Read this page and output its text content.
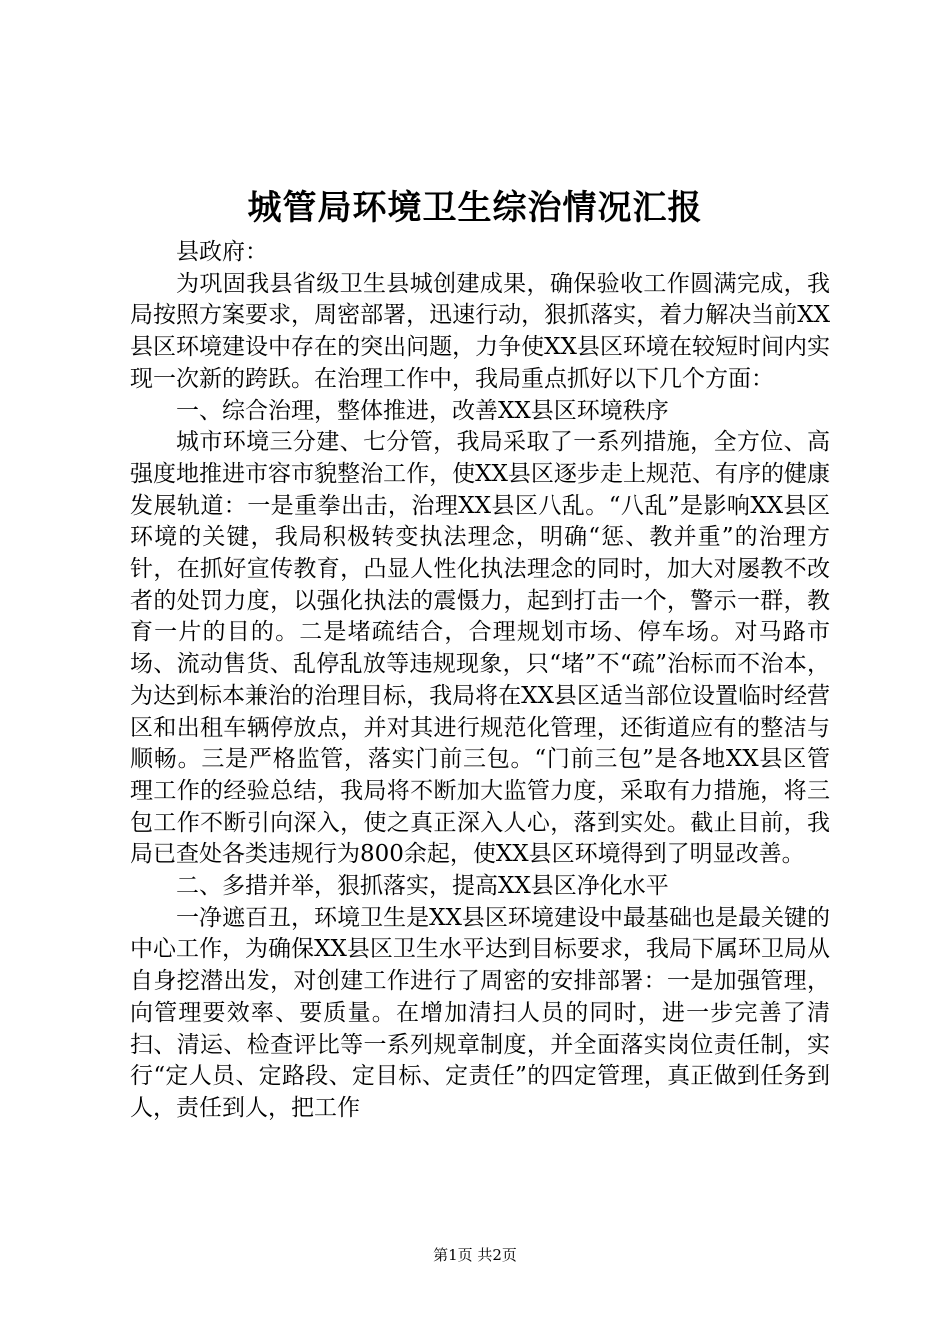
城管局环境卫生综治情况汇报

县政府：

为巩固我县省级卫生县城创建成果，确保验收工作圆满完成，我局按照方案要求，周密部署，迅速行动，狠抓落实，着力解决当前XX县区环境建设中存在的突出问题，力争使XX县区环境在较短时间内实现一次新的跨跃。在治理工作中，我局重点抓好以下几个方面：

一、综合治理，整体推进，改善XX县区环境秩序

城市环境三分建、七分管，我局采取了一系列措施，全方位、高强度地推进市容市貌整治工作，使XX县区逐步走上规范、有序的健康发展轨道：一是重拳出击，治理XX县区八乱。“八乱”是影响XX县区环境的关键，我局积极转变执法理念，明确“惩、教并重”的治理方针，在抓好宣传教育，凸显人性化执法理念的同时，加大对屡教不改者的处罚力度，以强化执法的震慑力，起到打击一个，警示一群，教育一片的目的。二是堵疏结合，合理规划市场、停车场。对马路市场、流动售货、乱停乱放等违规现象，只“堵”不“疏”治标而不治本，为达到标本兼治的治理目标，我局将在XX县区适当部位设置临时经营区和出租车辆停放点，并对其进行规范化管理，还街道应有的整洁与顺畅。三是严格监管，落实门前三包。“门前三包”是各地XX县区管理工作的经验总结，我局将不断加大监管力度，采取有力措施，将三包工作不断引向深入，使之真正深入人心，落到实处。截止目前，我局已查处各类违规行为800余起，使XX县区环境得到了明显改善。

二、多措并举，狠抓落实，提高XX县区净化水平

一净遮百丑，环境卫生是XX县区环境建设中最基础也是最关键的中心工作，为确保XX县区卫生水平达到目标要求，我局下属环卫局从自身挖潜出发，对创建工作进行了周密的安排部署：一是加强管理，向管理要效率、要质量。在增加清扫人员的同时，进一步完善了清扫、清运、检查评比等一系列规章制度，并全面落实岗位责任制，实行“定人员、定路段、定目标、定责任”的四定管理，真正做到任务到人，责任到人，把工作

第1页 共2页
